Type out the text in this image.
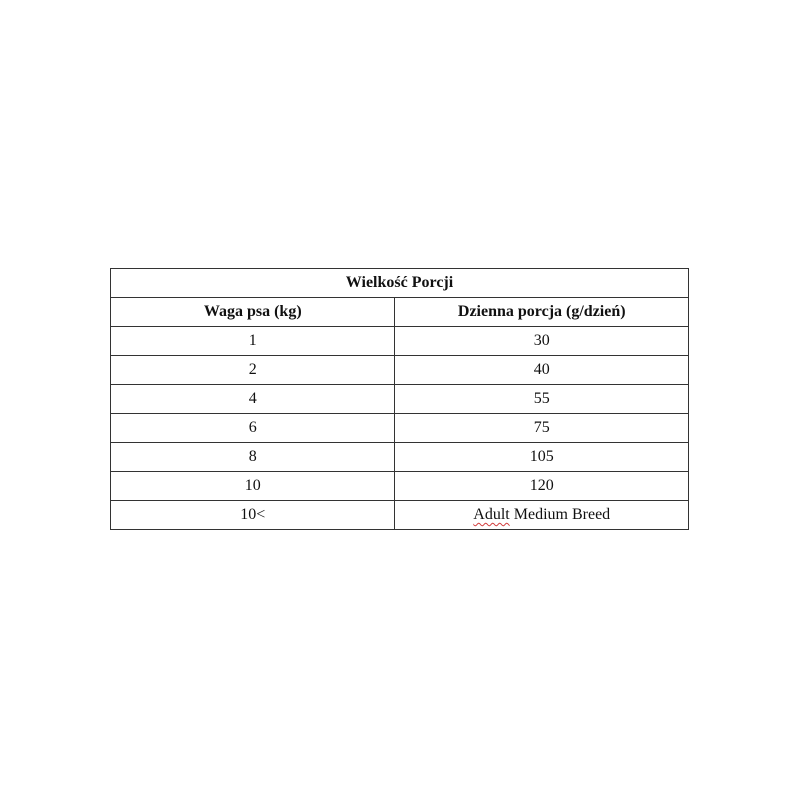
Wielkość Porcji	
Waga psa (kg)	Dzienna porcja (g/dzień)
1	30
2	40
4	55
6	75
8	105
10	120
10<	Adult Medium Breed
